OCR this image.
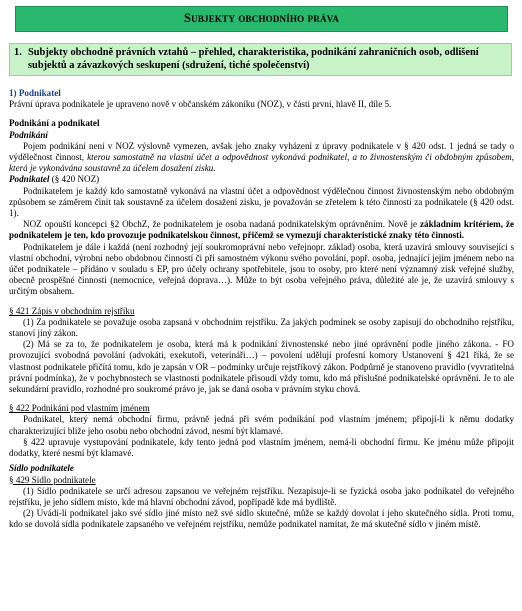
Subjekty obchodního práva
1. Subjekty obchodně právních vztahů – přehled, charakteristika, podnikání zahraničních osob, odlišení
subjektů a závazkových seskupení (sdružení, tiché společenství)
1) Podnikatel

Právní úprava podnikatele je upraveno nově v občanském zákoníku (NOZ), v části první, hlavě II, díle 5.

Podnikání a podnikatel
Podnikání

Pojem podnikání není v NOZ výslovně vymezen, avšak jeho znaky vyházení z úpravy podnikatele v § 420 odst. 1 jedná se tady o výdělečnost činnost, kterou samostatně na vlastní účet a odpovědnost vykonává podnikatel, a to živnostenským či obdobným způsobem, která je vykonávána soustavně za účelem dosažení zisku.

Podnikatel (§ 420 NOZ)

Podnikatelem je každý kdo samostatně vykonává na vlastní účet a odpovědnost výdělečnou činnost živnostenským nebo obdobným způsobem se záměrem činit tak soustavně za účelem dosažení zisku, je považován se zřetelem k této činnosti za podnikatele (§ 420 odst. 1).

NOZ opouští koncepci §2 ObchZ, že podnikatelem je osoba nadaná podnikatelským oprávněním. Nově je základním kritériem, že podnikatelem je ten, kdo provozuje podnikatelskou činnost, přičemž se vymezují charakteristické znaky této činnosti.

Podnikatelem je dále i každá (není rozhodný její soukromoprávní nebo veřejnopr. základ) osoba, která uzavírá smlouvy související s vlastní obchodní, výrobní nebo obdobnou činností či při samostném výkonu svého povolání, popř. osoba, jednající jejím jménem nebo na účet podnikatele – přidáno v souladu s EP, pro účely ochrany spotřebitele, jsou to osoby, pro které není významný zisk veřejné služby, obecně prospěšné činnosti (nemocnice, veřejná doprava…). Může to být osoba veřejného práva, důležité ale je, že uzavírá smlouvy s určitým obsahem.

§ 421 Zápis v obchodním rejstříku

(1) Za podnikatele se považuje osoba zapsaná v obchodním rejstříku. Za jakých podmínek se osoby zapisují do obchodního rejstříku, stanoví jiný zákon.

(2) Má se za to, že podnikatelem je osoba, která má k podnikání živnostenské nebo jiné oprávnění podle jiného zákona. - FO provozující svobodná povolání (advokáti, exekutoři, veterináři…) – povolení udělují profesní komory Ustanovení § 421 říká, že se vlastnost podnikatele přičítá tomu, kdo je zapsán v OR – podmínky určuje rejstříkový zákon. Podpůrně je stanoveno pravidlo (vyvratitelná právní podmínka), že v pochybnostech se vlastnosti podnikatele přisoudí vždy tomu, kdo má příslušné podnikatelské oprávnění. Je to ale sekundární pravidlo, rozhodné pro soukromé právo je, jak se daná osoba v právním styku chová.

§ 422 Podnikání pod vlastním jménem

Podnikatel, který nemá obchodní firmu, právně jedná při svém podnikání pod vlastním jménem; připojí-li k němu dodatky charakterizující blíže jeho osobu nebo obchodní závod, nesmí být klamavé.

§ 422 upravuje vystupování podnikatele, kdy tento jedná pod vlastním jménem, nemá-li obchodní firmu. Ke jménu může připojit dodatky, které nesmí být klamavé.

Sídlo podnikatele
§ 429 Sídlo podnikatele

(1) Sídlo podnikatele se určí adresou zapsanou ve veřejném rejstříku. Nezapisuje-li se fyzická osoba jako podnikatel do veřejného rejstříku, je jeho sídlem místo, kde má hlavní obchodní závod, popřípadě kde má bydliště.

(2) Uvádí-li podnikatel jako své sídlo jiné místo než své sídlo skutečné, může se každý dovolat i jeho skutečného sídla. Proti tomu, kdo se dovolá sídla podnikatele zapsaného ve veřejném rejstříku, nemůže podnikatel namítat, že má skutečné sídlo v jiném místě.
